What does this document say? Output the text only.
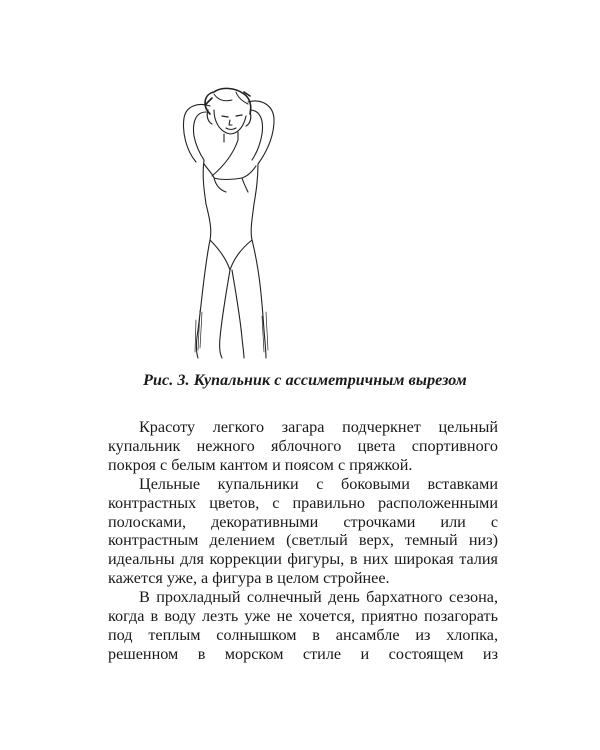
Рис. 3. Купальник с ассиметричным вырезом

Красоту легкого загара подчеркнет цельный купальник нежного яблочного цвета спортивного покроя с белым кантом и поясом с пряжкой.

Цельные купальники с боковыми вставками контрастных цветов, с правильно расположенными полосками, декоративными строчками или с контрастным делением (светлый верх, темный низ) идеальны для коррекции фигуры, в них широкая талия кажется уже, а фигура в целом стройнее.

В прохладный солнечный день бархатного сезона, когда в воду лезть уже не хочется, приятно позагорать под теплым солнышком в ансамбле из хлопка, решенном в морском стиле и состоящем из
